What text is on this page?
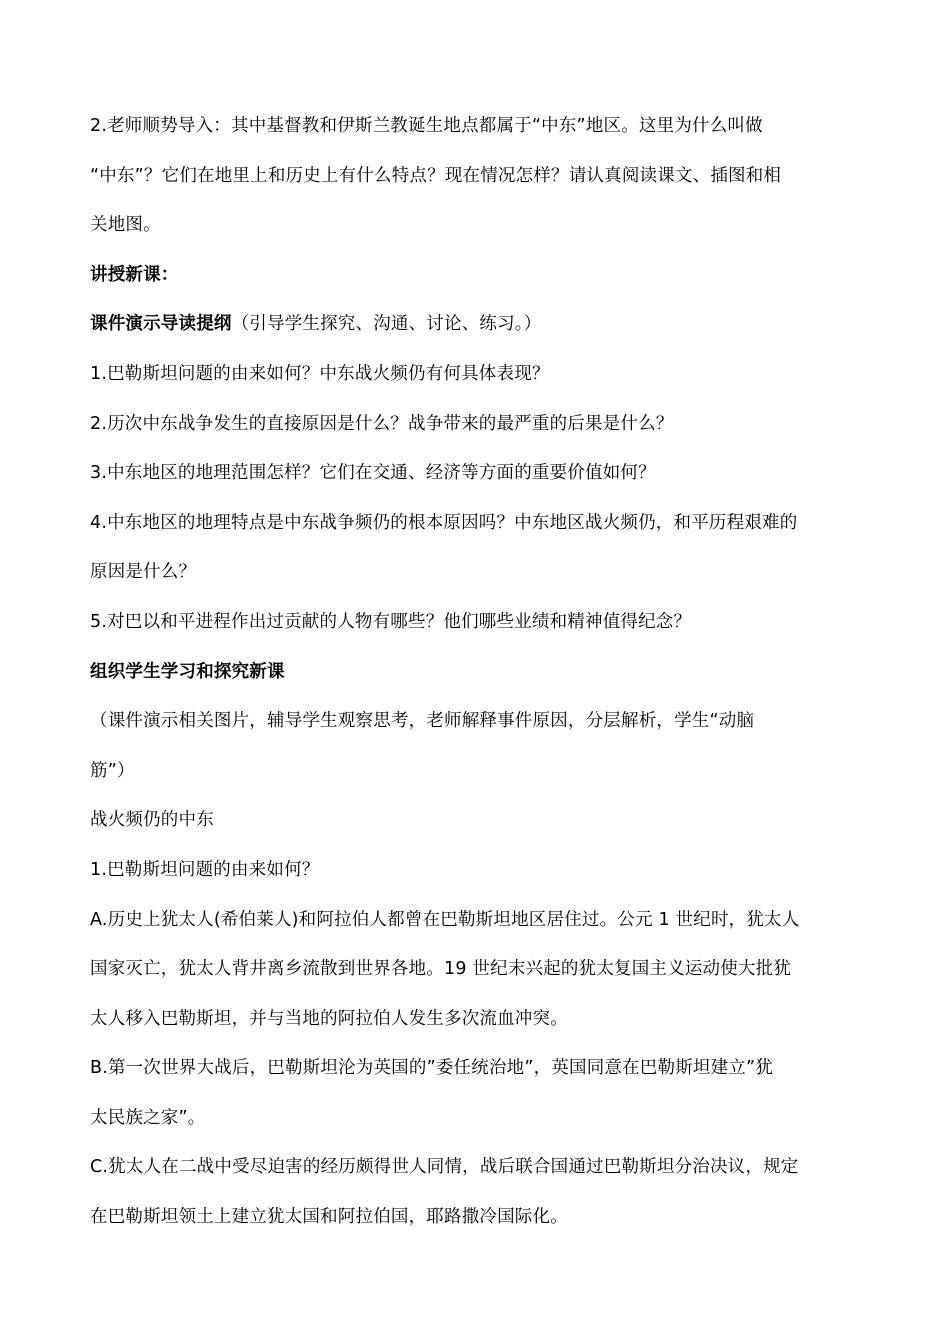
2.老师顺势导入：其中基督教和伊斯兰教诞生地点都属于“中东”地区。这里为什么叫做
“中东”？它们在地里上和历史上有什么特点？现在情况怎样？请认真阅读课文、插图和相
关地图。
讲授新课：
课件演示导读提纲（引导学生探究、沟通、讨论、练习。）
1.巴勒斯坦问题的由来如何？中东战火频仍有何具体表现？
2.历次中东战争发生的直接原因是什么？战争带来的最严重的后果是什么？
3.中东地区的地理范围怎样？它们在交通、经济等方面的重要价值如何？
4.中东地区的地理特点是中东战争频仍的根本原因吗？中东地区战火频仍，和平历程艰难的
原因是什么？
5.对巴以和平进程作出过贡献的人物有哪些？他们哪些业绩和精神值得纪念？
组织学生学习和探究新课
（课件演示相关图片，辅导学生观察思考，老师解释事件原因，分层解析，学生“动脑
筋”）
战火频仍的中东
1.巴勒斯坦问题的由来如何？
A.历史上犹太人(希伯莱人)和阿拉伯人都曾在巴勒斯坦地区居住过。公元 1 世纪时，犹太人
国家灭亡，犹太人背井离乡流散到世界各地。19 世纪末兴起的犹太复国主义运动使大批犹
太人移入巴勒斯坦，并与当地的阿拉伯人发生多次流血冲突。
B.第一次世界大战后，巴勒斯坦沦为英国的”委任统治地”，英国同意在巴勒斯坦建立”犹
太民族之家”。
C.犹太人在二战中受尽迫害的经历颇得世人同情，战后联合国通过巴勒斯坦分治决议，规定
在巴勒斯坦领土上建立犹太国和阿拉伯国，耶路撒冷国际化。
